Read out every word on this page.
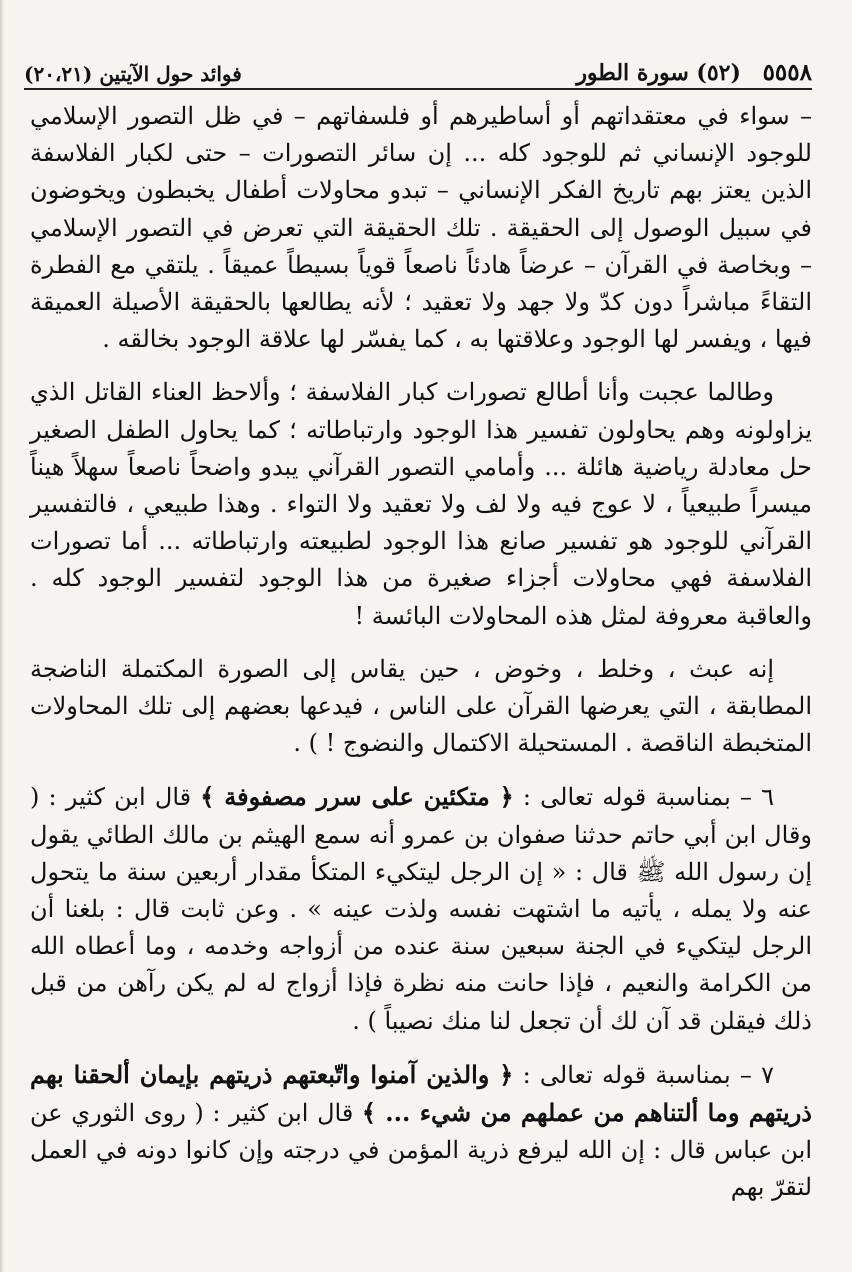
٥٥٥٨ (٥٢) سورة الطور
فوائد حول الآيتين (٢٠،٢١)

– سواء في معتقداتهم أو أساطيرهم أو فلسفاتهم – في ظل التصور الإسلامي للوجود الإنساني ثم للوجود كله ... إن سائر التصورات – حتى لكبار الفلاسفة الذين يعتز بهم تاريخ الفكر الإنساني – تبدو محاولات أطفال يخبطون ويخوضون في سبيل الوصول إلى الحقيقة . تلك الحقيقة التي تعرض في التصور الإسلامي – وبخاصة في القرآن – عرضاً هادئاً ناصعاً قوياً بسيطاً عميقاً . يلتقي مع الفطرة التقاءً مباشراً دون كدّ ولا جهد ولا تعقيد ؛ لأنه يطالعها بالحقيقة الأصيلة العميقة فيها ، ويفسر لها الوجود وعلاقتها به ، كما يفسّر لها علاقة الوجود بخالقه .

وطالما عجبت وأنا أطالع تصورات كبار الفلاسفة ؛ وألاحظ العناء القاتل الذي يزاولونه وهم يحاولون تفسير هذا الوجود وارتباطاته ؛ كما يحاول الطفل الصغير حل معادلة رياضية هائلة ... وأمامي التصور القرآني يبدو واضحاً ناصعاً سهلاً هيناً ميسراً طبيعياً ، لا عوج فيه ولا لف ولا تعقيد ولا التواء . وهذا طبيعي ، فالتفسير القرآني للوجود هو تفسير صانع هذا الوجود لطبيعته وارتباطاته ... أما تصورات الفلاسفة فهي محاولات أجزاء صغيرة من هذا الوجود لتفسير الوجود كله . والعاقبة معروفة لمثل هذه المحاولات البائسة !

إنه عبث ، وخلط ، وخوض ، حين يقاس إلى الصورة المكتملة الناضجة المطابقة ، التي يعرضها القرآن على الناس ، فيدعها بعضهم إلى تلك المحاولات المتخبطة الناقصة . المستحيلة الاكتمال والنضوج ! ) .

٦ – بمناسبة قوله تعالى : ﴿ متكئين على سرر مصفوفة ﴾ قال ابن كثير : ( وقال ابن أبي حاتم حدثنا صفوان بن عمرو أنه سمع الهيثم بن مالك الطائي يقول إن رسول الله ﷺ قال : « إن الرجل ليتكيء المتكأ مقدار أربعين سنة ما يتحول عنه ولا يمله ، يأتيه ما اشتهت نفسه ولذت عينه » . وعن ثابت قال : بلغنا أن الرجل ليتكيء في الجنة سبعين سنة عنده من أزواجه وخدمه ، وما أعطاه الله من الكرامة والنعيم ، فإذا حانت منه نظرة فإذا أزواج له لم يكن رآهن من قبل ذلك فيقلن قد آن لك أن تجعل لنا منك نصيباً ) .

٧ – بمناسبة قوله تعالى : ﴿ والذين آمنوا واتّبعتهم ذريتهم بإيمان ألحقنا بهم ذريتهم وما ألتناهم من عملهم من شيء ... ﴾ قال ابن كثير : ( روى الثوري عن ابن عباس قال : إن الله ليرفع ذرية المؤمن في درجته وإن كانوا دونه في العمل لتقرّ بهم
